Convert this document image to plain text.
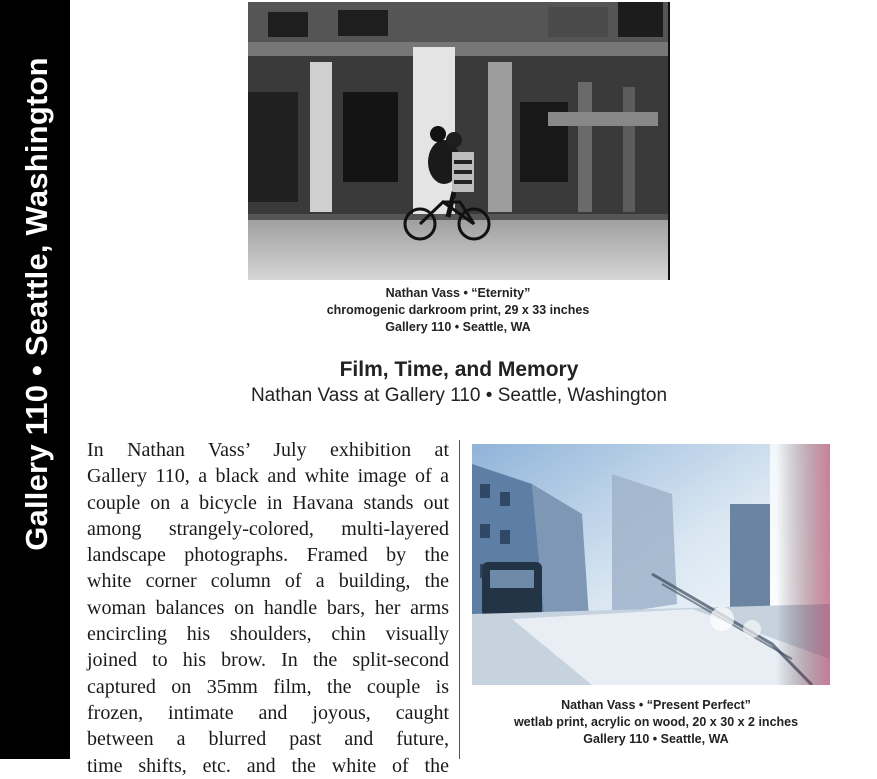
Gallery 110 • Seattle, Washington	Nathan Vass • “Eternity”
chromogenic darkroom print, 29 x 33 inches
Gallery 110 • Seattle, WA
Film, Time, and Memory
Nathan Vass at Gallery 110 • Seattle, Washington
In Nathan Vass’ July exhibition at
Gallery 110, a black and white image of a
couple on a bicycle in Havana stands out
among strangely-colored, multi-layered
landscape photographs. Framed by the
white corner column of a building, the
woman balances on handle bars, her arms
encircling his shoulders, chin visually
joined to his brow. In the split-second
captured on 35mm film, the couple is
frozen, intimate and joyous, caught
between a blurred past and future,
time shifts, etc. and the white of the
Nathan Vass • “Present Perfect”
wetlab print, acrylic on wood, 20 x 30 x 2 inches
Gallery 110 • Seattle, WA
